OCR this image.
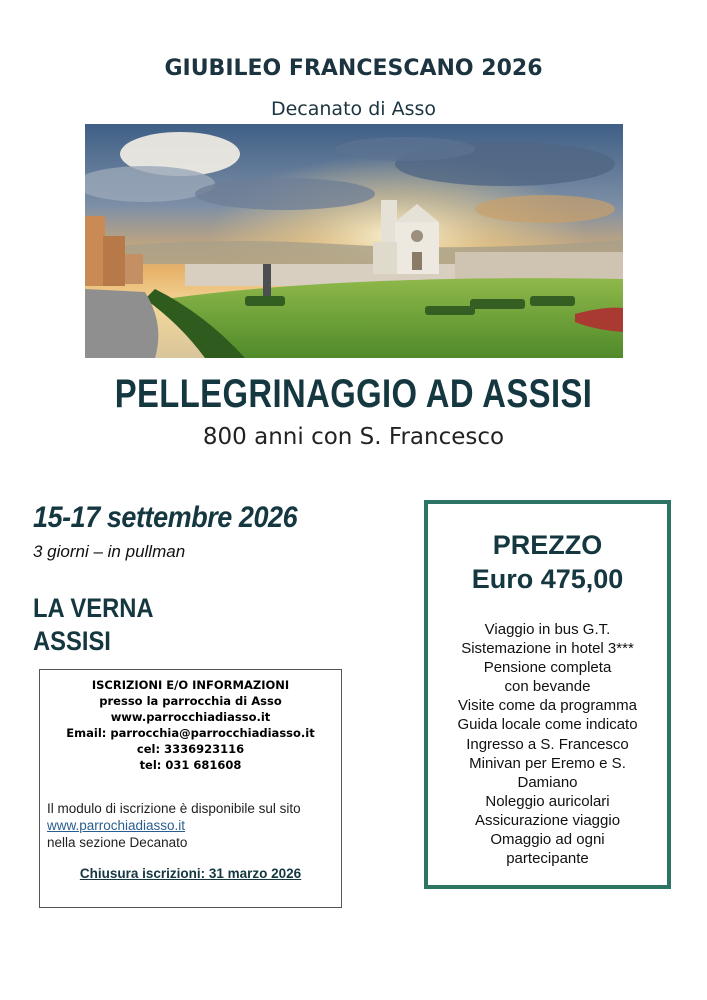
GIUBILEO FRANCESCANO 2026
Decanato di Asso
PELLEGRINAGGIO AD ASSISI
800 anni con S. Francesco
15-17 settembre 2026
3 giorni – in pullman
LA VERNA
ASSISI
ISCRIZIONI E/O INFORMAZIONI
presso la parrocchia di Asso
www.parrocchiadiasso.it
Email: parrocchia@parrocchiadiasso.it
cel: 3336923116
tel: 031 681608
Il modulo di iscrizione è disponibile sul sito
www.parrochiadiasso.it
nella sezione Decanato
Chiusura iscrizioni: 31 marzo 2026
PREZZO
Euro 475,00
Viaggio in bus G.T.
Sistemazione in hotel 3***
Pensione completa
con bevande
Visite come da programma
Guida locale come indicato
Ingresso a S. Francesco
Minivan per Eremo e S.
Damiano
Noleggio auricolari
Assicurazione viaggio
Omaggio ad ogni
partecipante
